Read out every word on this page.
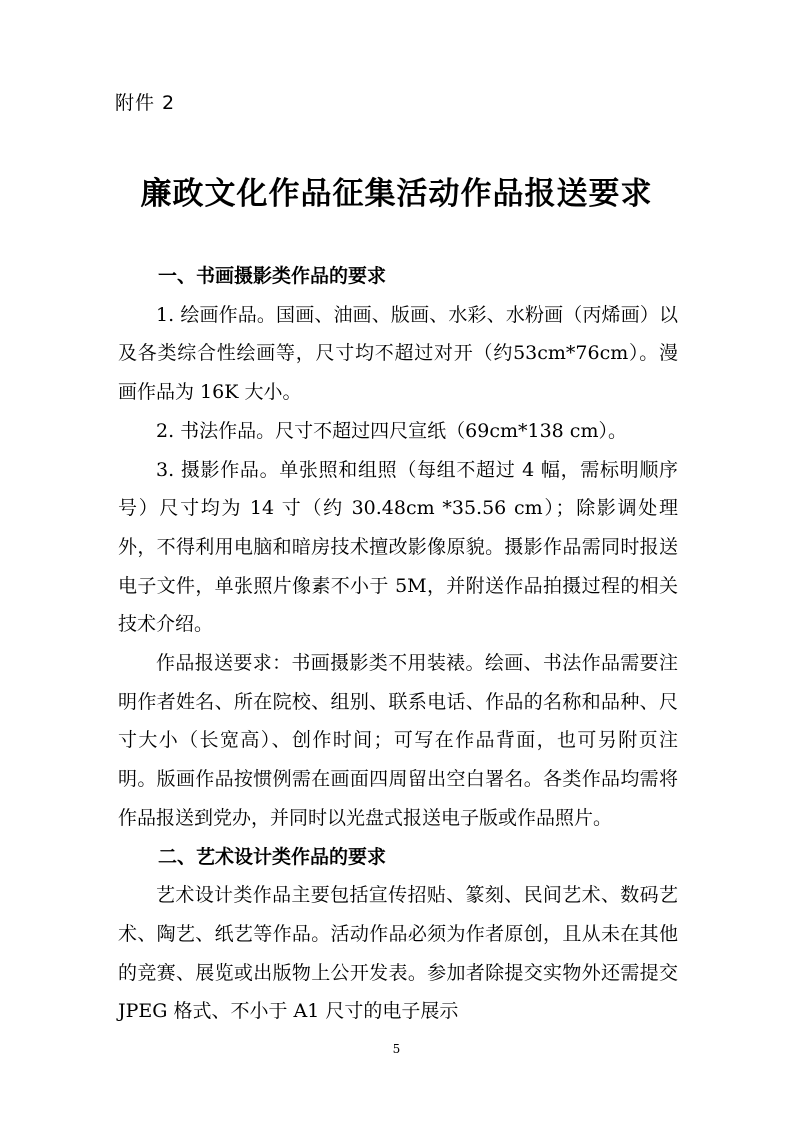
附件 2
廉政文化作品征集活动作品报送要求

一、书画摄影类作品的要求

1. 绘画作品。国画、油画、版画、水彩、水粉画（丙烯画）以及各类综合性绘画等，尺寸均不超过对开（约53cm*76cm）。漫画作品为 16K 大小。

2. 书法作品。尺寸不超过四尺宣纸（69cm*138 cm）。

3. 摄影作品。单张照和组照（每组不超过 4 幅，需标明顺序号）尺寸均为 14 寸（约 30.48cm *35.56 cm）；除影调处理外，不得利用电脑和暗房技术擅改影像原貌。摄影作品需同时报送电子文件，单张照片像素不小于 5M，并附送作品拍摄过程的相关技术介绍。

作品报送要求：书画摄影类不用装裱。绘画、书法作品需要注明作者姓名、所在院校、组别、联系电话、作品的名称和品种、尺寸大小（长宽高）、创作时间；可写在作品背面，也可另附页注明。版画作品按惯例需在画面四周留出空白署名。各类作品均需将作品报送到党办，并同时以光盘式报送电子版或作品照片。

二、艺术设计类作品的要求

艺术设计类作品主要包括宣传招贴、篆刻、民间艺术、数码艺术、陶艺、纸艺等作品。活动作品必须为作者原创，且从未在其他的竞赛、展览或出版物上公开发表。参加者除提交实物外还需提交 JPEG 格式、不小于 A1 尺寸的电子展示

5
